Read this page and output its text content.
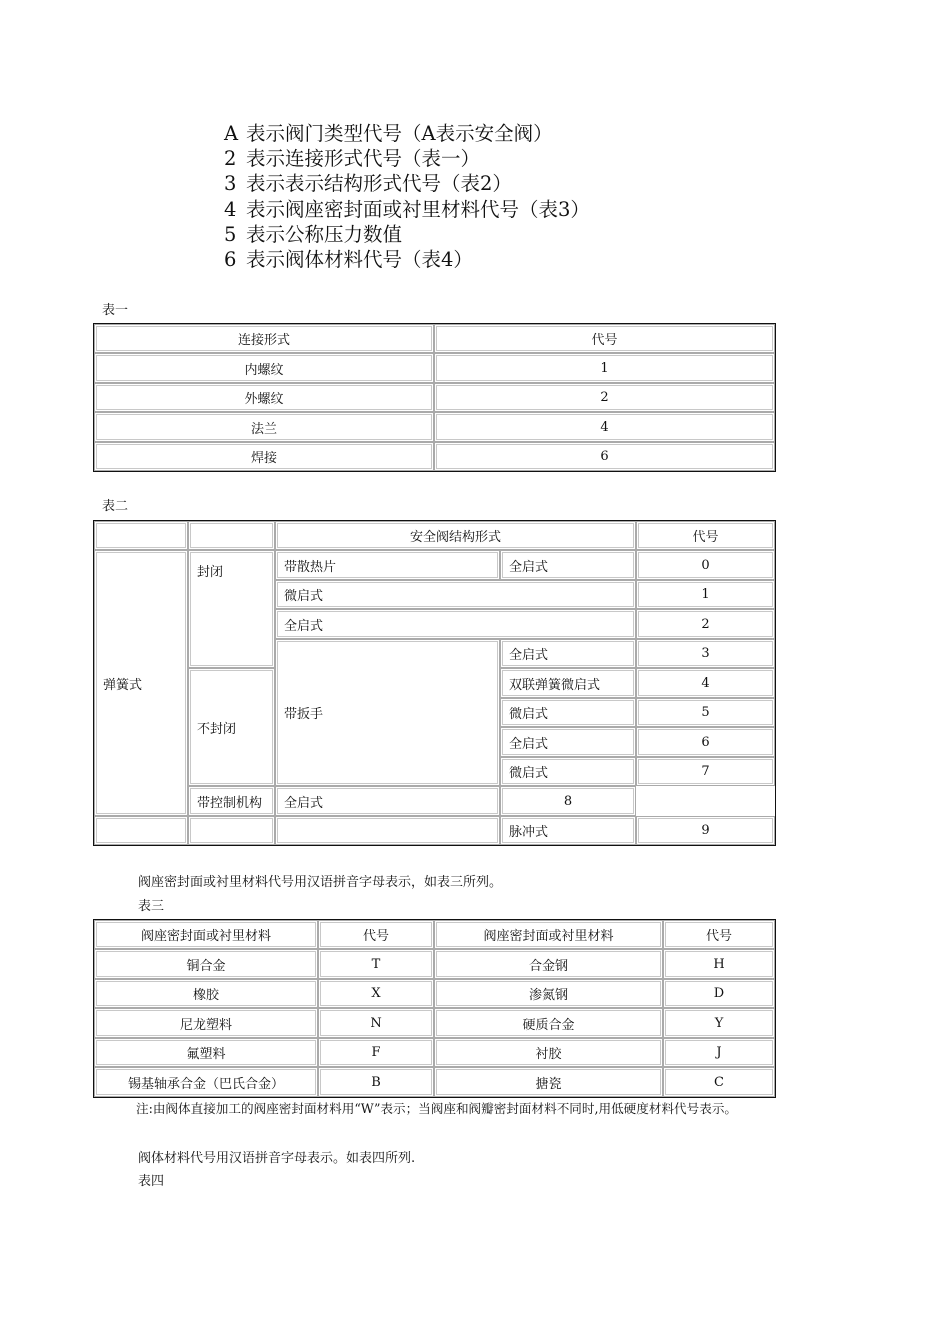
A 表示阀门类型代号（A表示安全阀）
2 表示连接形式代号（表一）
3 表示表示结构形式代号（表2）
4 表示阀座密封面或衬里材料代号（表3）
5 表示公称压力数值
6 表示阀体材料代号（表4）
表一
连接形式	代号
内螺纹	1
外螺纹	2
法兰	4
焊接	6
表二
		安全阀结构形式		代号
弹簧式	封闭	带散热片	全启式	0
		微启式		1
		全启式		2
		带扳手	全启式	3
	不封闭		双联弹簧微启式	4
			微启式	5
			全启式	6
			微启式	7
	带控制机构	全启式	8	
			脉冲式	9
阀座密封面或衬里材料代号用汉语拼音字母表示，如表三所列。
表三
阀座密封面或衬里材料	代号	阀座密封面或衬里材料	代号
铜合金	T	合金钢	H
橡胶	X	渗氮钢	D
尼龙塑料	N	硬质合金	Y
氟塑料	F	衬胶	J
锡基轴承合金（巴氏合金）	B	搪瓷	C
注:由阀体直接加工的阀座密封面材料用“W”表示；当阀座和阀瓣密封面材料不同时,用低硬度材料代号表示。
阀体材料代号用汉语拼音字母表示。如表四所列.
表四
